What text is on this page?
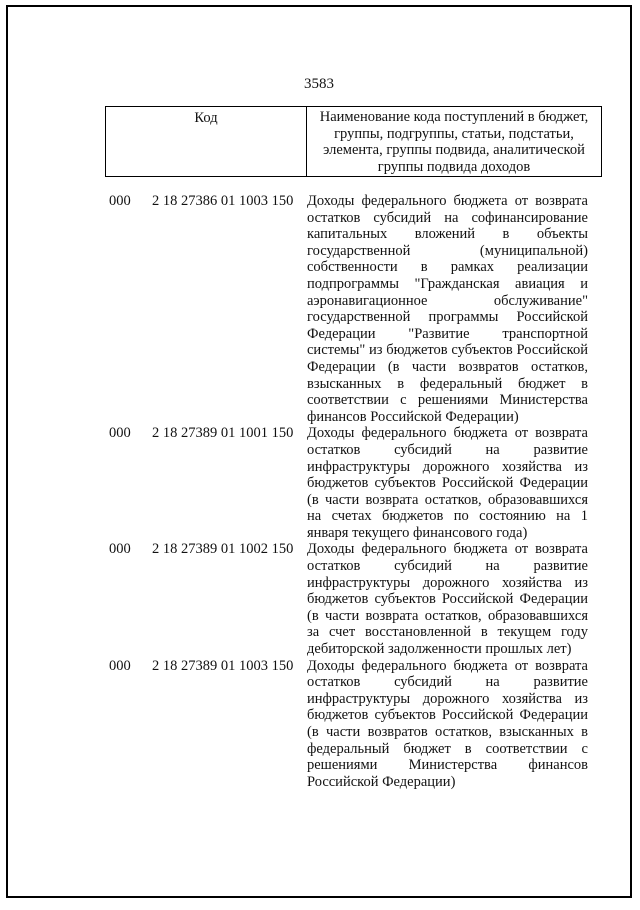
3583
Код	Наименование кода поступлений в бюджет, группы, подгруппы, статьи, подстатьи, элемента, группы подвида, аналитической группы подвида доходов
000 2 18 27386 01 1003 150 Доходы федерального бюджета от возврата остатков субсидий на софинансирование капитальных вложений в объекты государственной (муниципальной) собственности в рамках реализации подпрограммы "Гражданская авиация и аэронавигационное обслуживание" государственной программы Российской Федерации "Развитие транспортной системы" из бюджетов субъектов Российской Федерации (в части возвратов остатков, взысканных в федеральный бюджет в соответствии с решениями Министерства финансов Российской Федерации)
000 2 18 27389 01 1001 150 Доходы федерального бюджета от возврата остатков субсидий на развитие инфраструктуры дорожного хозяйства из бюджетов субъектов Российской Федерации (в части возврата остатков, образовавшихся на счетах бюджетов по состоянию на 1 января текущего финансового года)
000 2 18 27389 01 1002 150 Доходы федерального бюджета от возврата остатков субсидий на развитие инфраструктуры дорожного хозяйства из бюджетов субъектов Российской Федерации (в части возврата остатков, образовавшихся за счет восстановленной в текущем году дебиторской задолженности прошлых лет)
000 2 18 27389 01 1003 150 Доходы федерального бюджета от возврата остатков субсидий на развитие инфраструктуры дорожного хозяйства из бюджетов субъектов Российской Федерации (в части возвратов остатков, взысканных в федеральный бюджет в соответствии с решениями Министерства финансов Российской Федерации)
